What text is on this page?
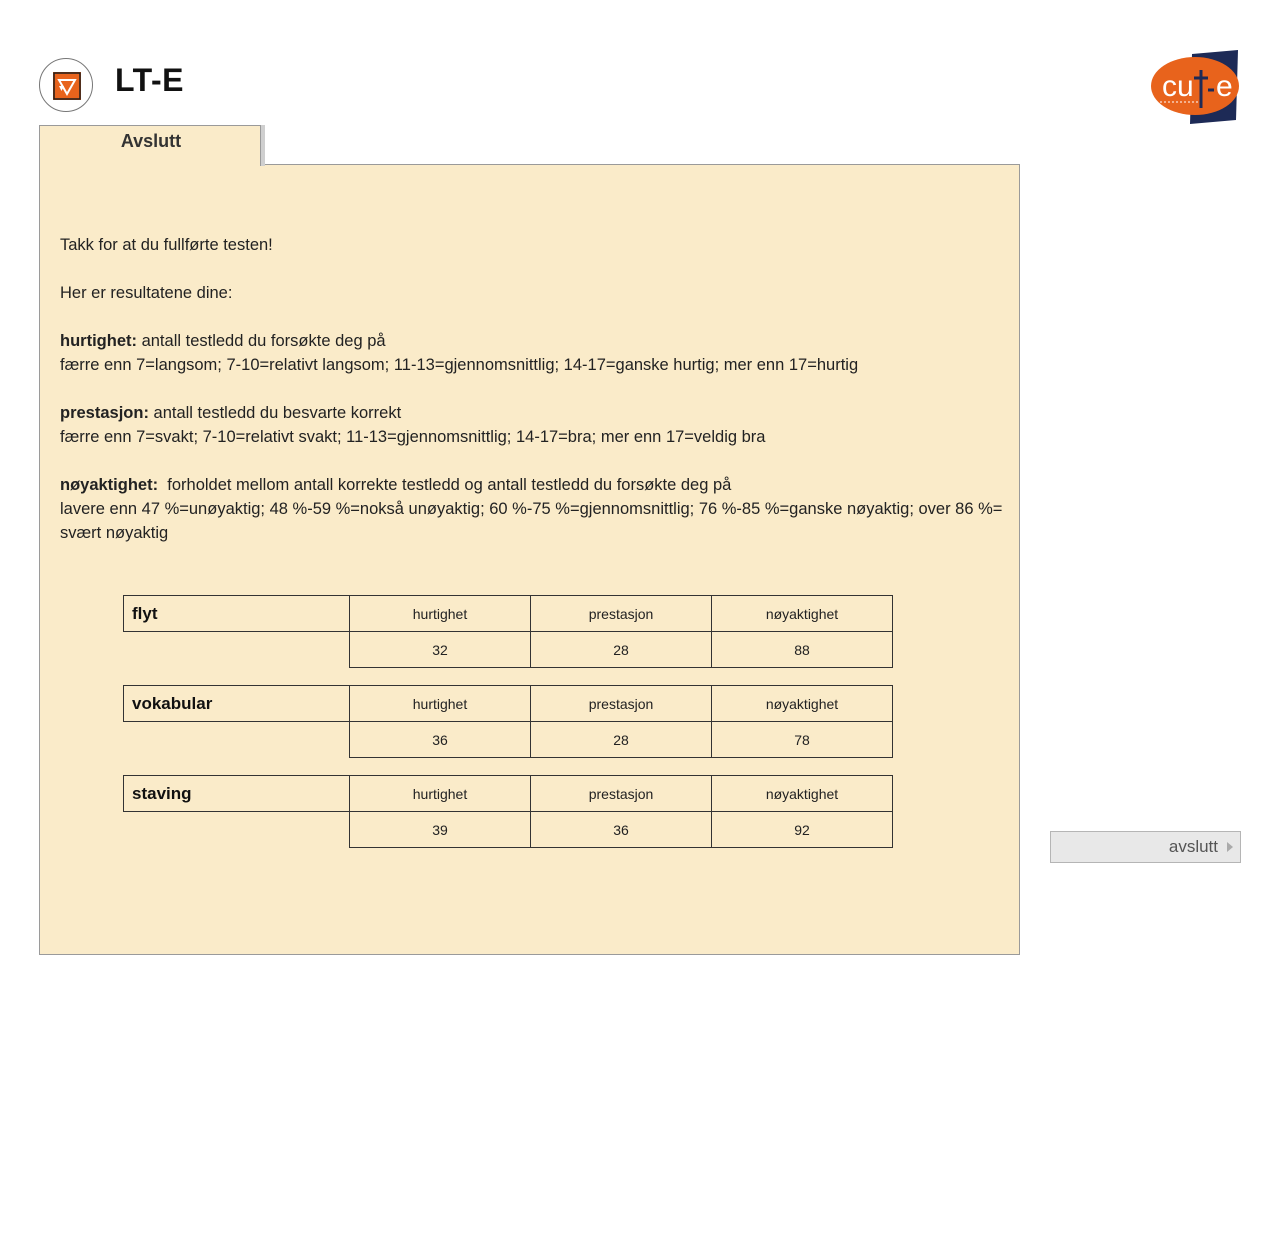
LT-E	cu e
Avslutt

Takk for at du fullførte testen!

Her er resultatene dine:

hurtighet: antall testledd du forsøkte deg på
færre enn 7=langsom; 7-10=relativt langsom; 11-13=gjennomsnittlig; 14-17=ganske hurtig; mer enn 17=hurtig

prestasjon: antall testledd du besvarte korrekt
færre enn 7=svakt; 7-10=relativt svakt; 11-13=gjennomsnittlig; 14-17=bra; mer enn 17=veldig bra

nøyaktighet: forholdet mellom antall korrekte testledd og antall testledd du forsøkte deg på
lavere enn 47 %=unøyaktig; 48 %-59 %=nokså unøyaktig; 60 %-75 %=gjennomsnittlig; 76 %-85 %=ganske nøyaktig; over 86 %= svært nøyaktig

flyt	hurtighet	prestasjon	nøyaktighet
	32	28	88
vokabular	hurtighet	prestasjon	nøyaktighet
	36	28	78
staving	hurtighet	prestasjon	nøyaktighet
	39	36	92
avslutt
